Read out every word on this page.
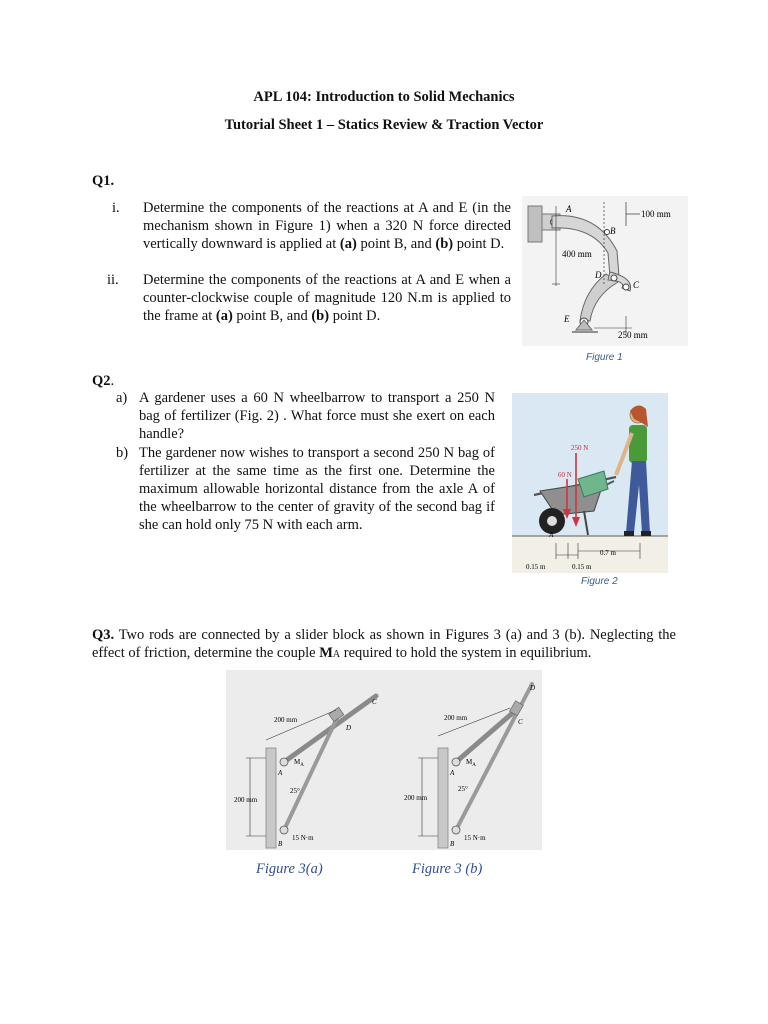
APL 104: Introduction to Solid Mechanics
Tutorial Sheet 1 – Statics Review & Traction Vector
Q1.
i. Determine the components of the reactions at A and E (in the mechanism shown in Figure 1) when a 320 N force directed vertically downward is applied at (a) point B, and (b) point D.
ii. Determine the components of the reactions at A and E when a counter-clockwise couple of magnitude 120 N.m is applied to the frame at (a) point B, and (b) point D.
A
B
C
D
E
100 mm
400 mm
250 mm
Figure 1
Q2.
a) A gardener uses a 60 N wheelbarrow to transport a 250 N bag of fertilizer (Fig. 2) . What force must she exert on each handle?
b) The gardener now wishes to transport a second 250 N bag of fertilizer at the same time as the first one. Determine the maximum allowable horizontal distance from the axle A of the wheelbarrow to the center of gravity of the second bag if she can hold only 75 N with each arm.
250 N
60 N
A
0.7 m
0.15 m	0.15 m
Figure 2
Q3. Two rods are connected by a slider block as shown in Figures 3 (a) and 3 (b). Neglecting the effect of friction, determine the couple MA required to hold the system in equilibrium.
200 mm
200 mm
25°
$M_A$
A
B
C
D
15 N·m
200 mm
200 mm
25°
$M_A$
A
B
C
D
15 N·m
Figure 3(a)	Figure 3 (b)
